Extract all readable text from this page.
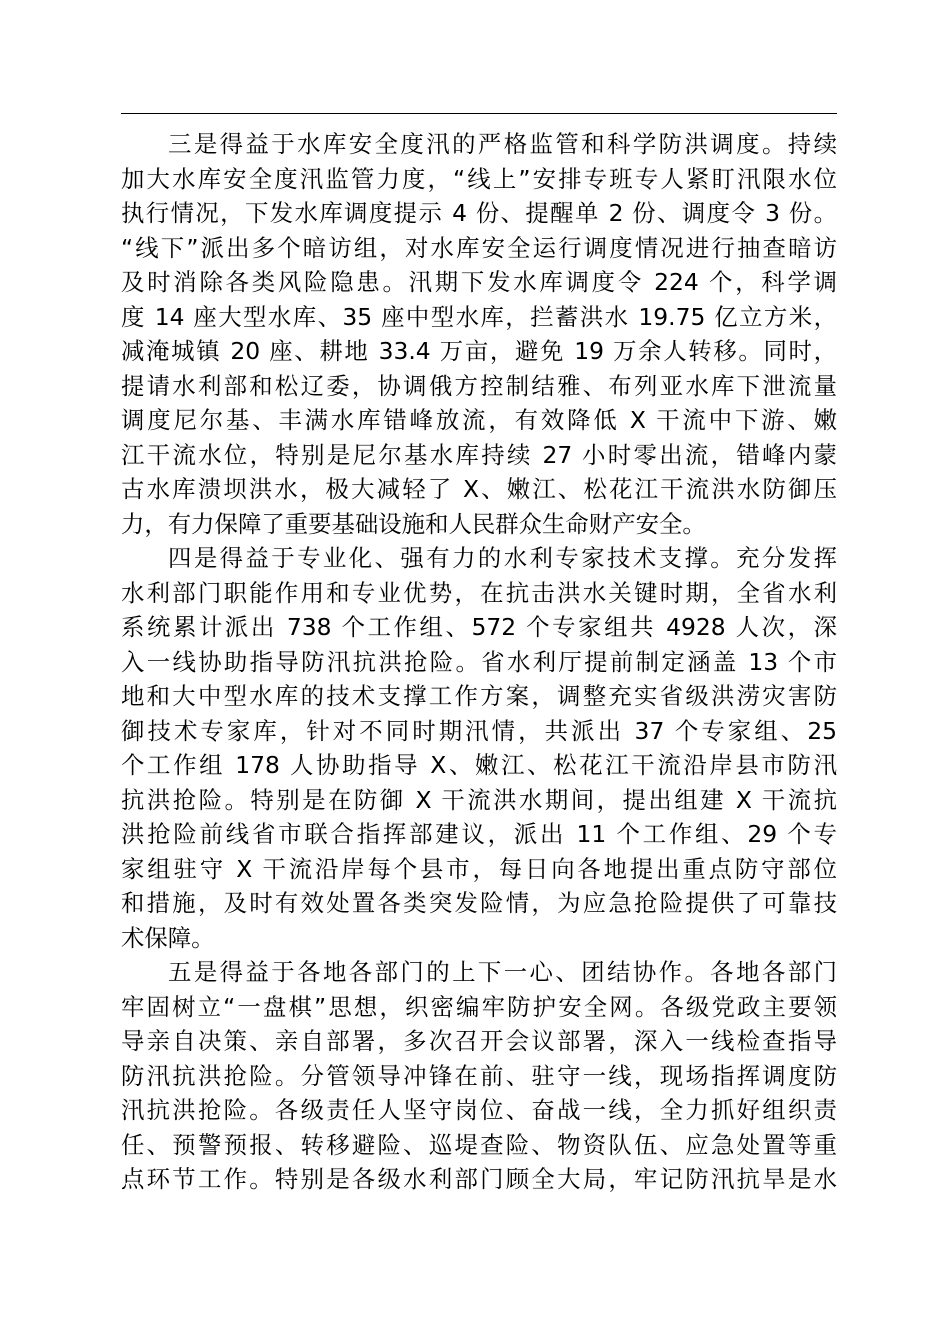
三是得益于水库安全度汛的严格监管和科学防洪调度。持续
加大水库安全度汛监管力度，“线上”安排专班专人紧盯汛限水位
执行情况，下发水库调度提示 4 份、提醒单 2 份、调度令 3 份。
“线下”派出多个暗访组，对水库安全运行调度情况进行抽查暗访
及时消除各类风险隐患。汛期下发水库调度令 224 个，科学调
度 14 座大型水库、35 座中型水库，拦蓄洪水 19.75 亿立方米，
减淹城镇 20 座、耕地 33.4 万亩，避免 19 万余人转移。同时，
提请水利部和松辽委，协调俄方控制结雅、布列亚水库下泄流量
调度尼尔基、丰满水库错峰放流，有效降低 X 干流中下游、嫩
江干流水位，特别是尼尔基水库持续 27 小时零出流，错峰内蒙
古水库溃坝洪水，极大减轻了 X、嫩江、松花江干流洪水防御压
力，有力保障了重要基础设施和人民群众生命财产安全。
四是得益于专业化、强有力的水利专家技术支撑。充分发挥
水利部门职能作用和专业优势，在抗击洪水关键时期，全省水利
系统累计派出 738 个工作组、572 个专家组共 4928 人次，深
入一线协助指导防汛抗洪抢险。省水利厅提前制定涵盖 13 个市
地和大中型水库的技术支撑工作方案，调整充实省级洪涝灾害防
御技术专家库，针对不同时期汛情，共派出 37 个专家组、25
个工作组 178 人协助指导 X、嫩江、松花江干流沿岸县市防汛
抗洪抢险。特别是在防御 X 干流洪水期间，提出组建 X 干流抗
洪抢险前线省市联合指挥部建议，派出 11 个工作组、29 个专
家组驻守 X 干流沿岸每个县市，每日向各地提出重点防守部位
和措施，及时有效处置各类突发险情，为应急抢险提供了可靠技
术保障。
五是得益于各地各部门的上下一心、团结协作。各地各部门
牢固树立“一盘棋”思想，织密编牢防护安全网。各级党政主要领
导亲自决策、亲自部署，多次召开会议部署，深入一线检查指导
防汛抗洪抢险。分管领导冲锋在前、驻守一线，现场指挥调度防
汛抗洪抢险。各级责任人坚守岗位、奋战一线，全力抓好组织责
任、预警预报、转移避险、巡堤查险、物资队伍、应急处置等重
点环节工作。特别是各级水利部门顾全大局，牢记防汛抗旱是水
